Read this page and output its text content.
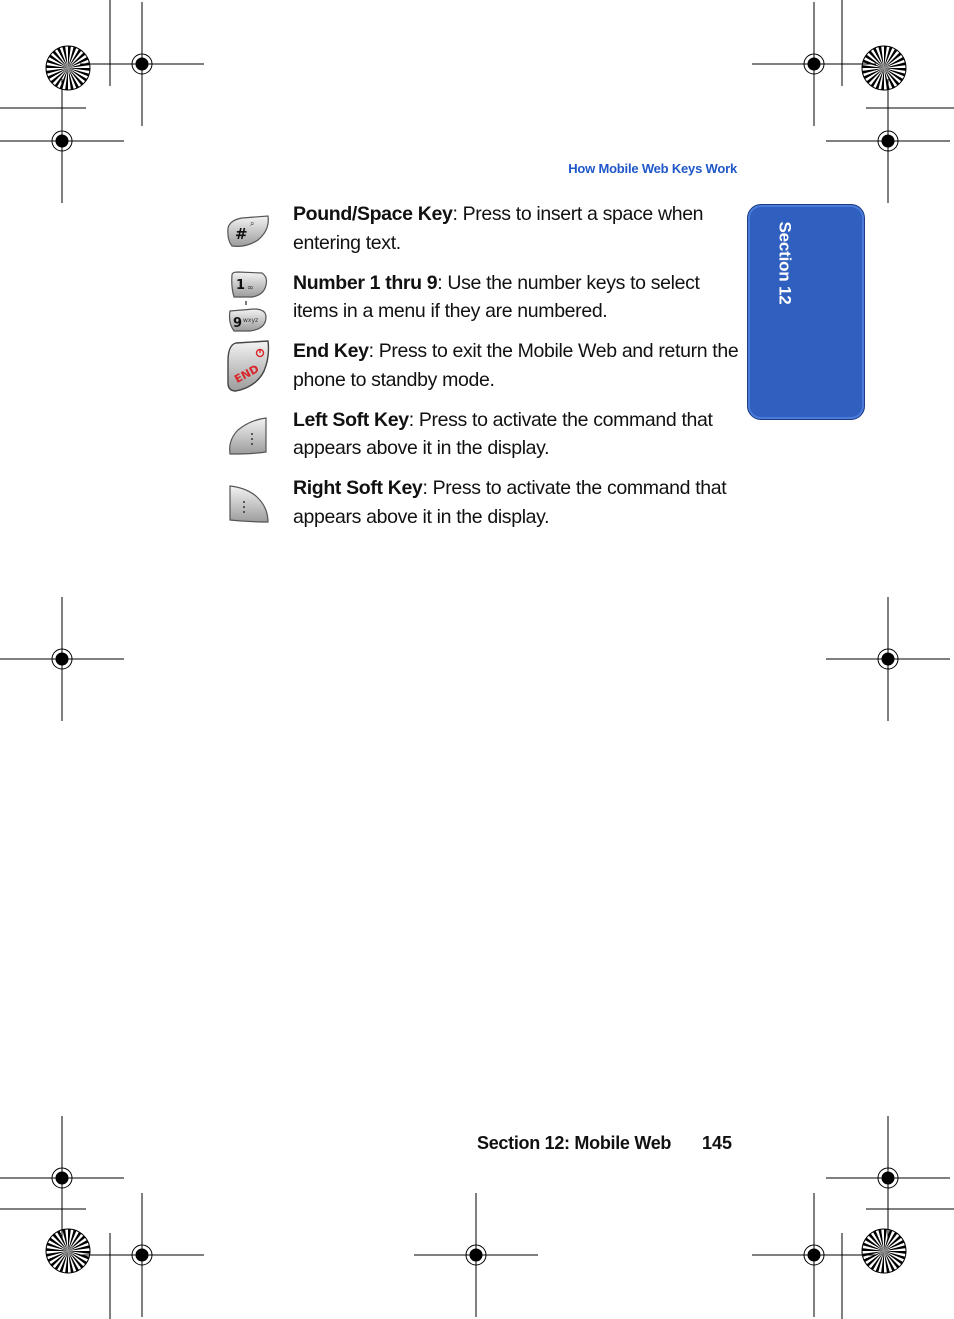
How Mobile Web Keys Work
Section 12
#
⌕ Pound/Space Key: Press to insert a space when entering text.
1 ∞
9 wxyz
Number 1 thru 9: Use the number keys to select items in a menu if they are numbered.
END
End Key: Press to exit the Mobile Web and return the phone to standby mode.
Left Soft Key: Press to activate the command that appears above it in the display.
Right Soft Key: Press to activate the command that appears above it in the display.
Section 12: Mobile Web 145
